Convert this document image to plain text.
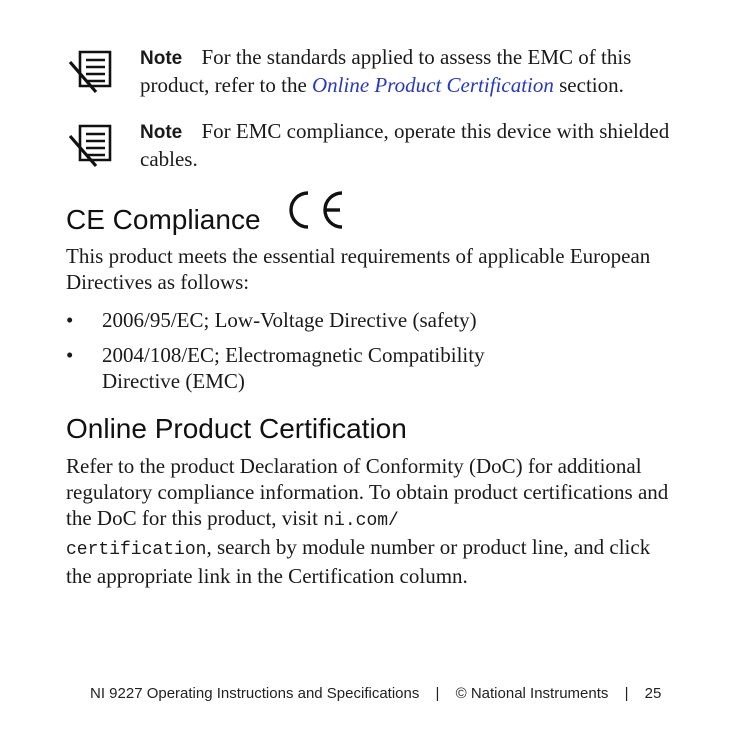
Note For the standards applied to assess the EMC of this product, refer to the Online Product Certification section.
Note For EMC compliance, operate this device with shielded cables.
CE Compliance

This product meets the essential requirements of applicable European Directives as follows:

• 2006/95/EC; Low-Voltage Directive (safety)
• 2004/108/EC; Electromagnetic Compatibility Directive (EMC)
Online Product Certification

Refer to the product Declaration of Conformity (DoC) for additional regulatory compliance information. To obtain product certifications and the DoC for this product, visit ni.com/
certification, search by module number or product line, and click the appropriate link in the Certification column.

NI 9227 Operating Instructions and Specifications | © National Instruments | 25
